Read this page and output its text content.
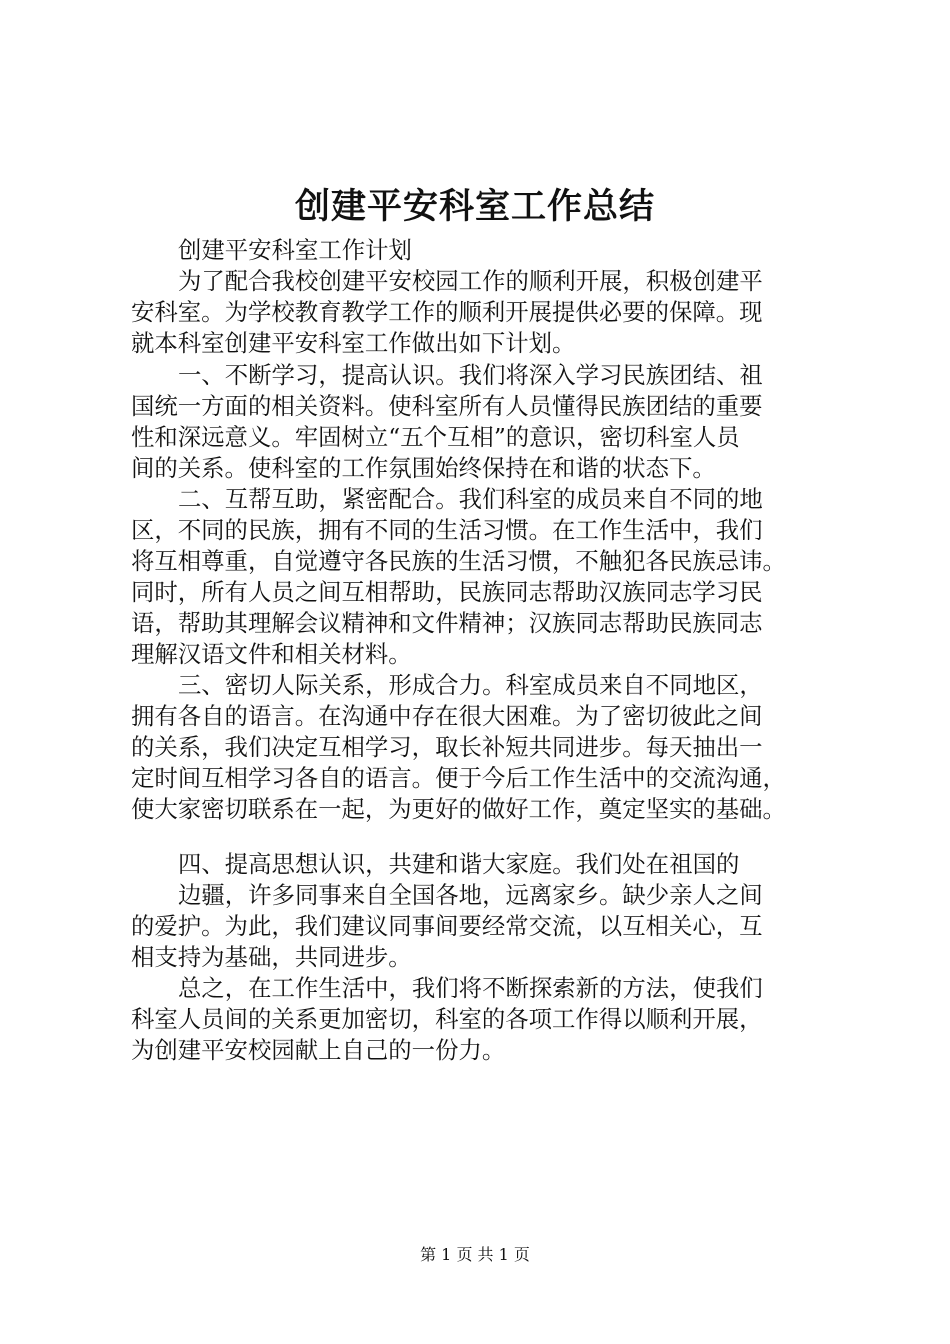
创建平安科室工作总结
创建平安科室工作计划
为了配合我校创建平安校园工作的顺利开展，积极创建平
安科室。为学校教育教学工作的顺利开展提供必要的保障。现
就本科室创建平安科室工作做出如下计划。
一、不断学习，提高认识。我们将深入学习民族团结、祖
国统一方面的相关资料。使科室所有人员懂得民族团结的重要
性和深远意义。牢固树立“五个互相”的意识，密切科室人员
间的关系。使科室的工作氛围始终保持在和谐的状态下。
二、互帮互助，紧密配合。我们科室的成员来自不同的地
区，不同的民族，拥有不同的生活习惯。在工作生活中，我们
将互相尊重，自觉遵守各民族的生活习惯，不触犯各民族忌讳。
同时，所有人员之间互相帮助，民族同志帮助汉族同志学习民
语，帮助其理解会议精神和文件精神；汉族同志帮助民族同志
理解汉语文件和相关材料。
三、密切人际关系，形成合力。科室成员来自不同地区，
拥有各自的语言。在沟通中存在很大困难。为了密切彼此之间
的关系，我们决定互相学习，取长补短共同进步。每天抽出一
定时间互相学习各自的语言。便于今后工作生活中的交流沟通，
使大家密切联系在一起，为更好的做好工作，奠定坚实的基础。
四、提高思想认识，共建和谐大家庭。我们处在祖国的
边疆，许多同事来自全国各地，远离家乡。缺少亲人之间
的爱护。为此，我们建议同事间要经常交流，以互相关心，互
相支持为基础，共同进步。
总之，在工作生活中，我们将不断探索新的方法，使我们
科室人员间的关系更加密切，科室的各项工作得以顺利开展，
为创建平安校园献上自己的一份力。
第 1 页 共 1 页
